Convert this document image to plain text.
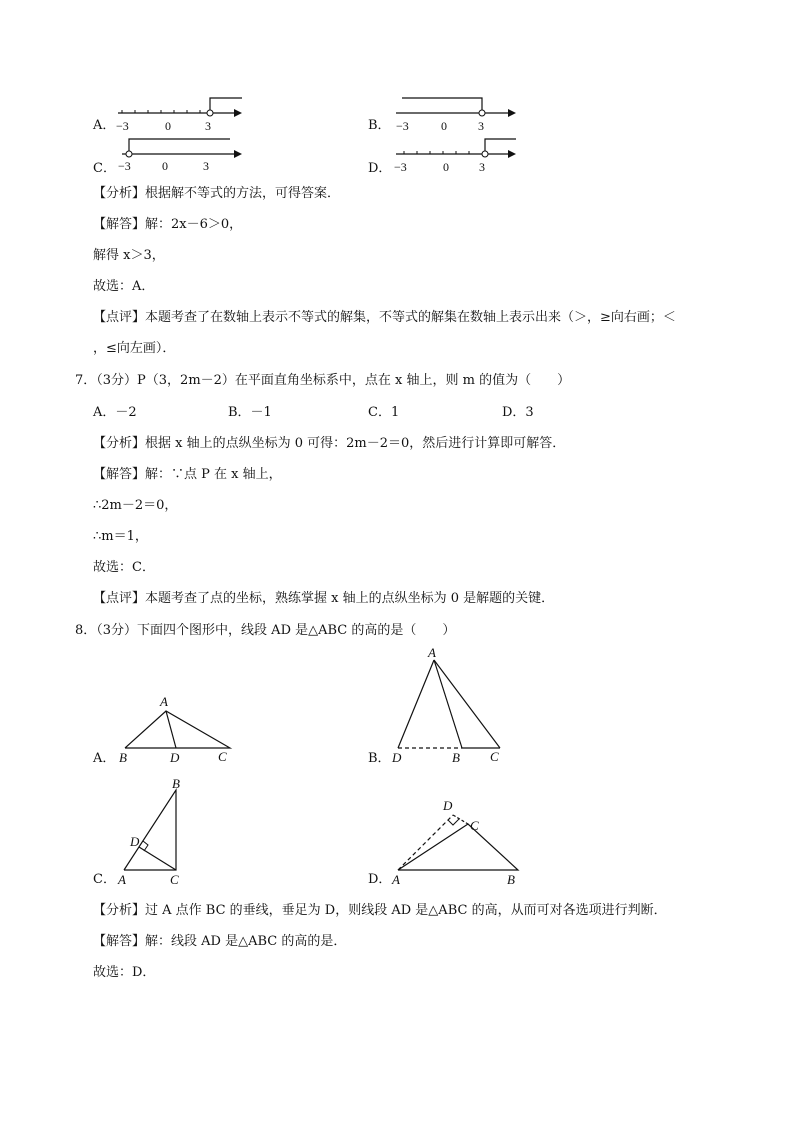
A． −3	0	3	B． −3	0	3
C． −3	0	3	D． −3	0	3
【分析】根据解不等式的方法，可得答案．
【解答】解：2x－6＞0，
解得 x＞3，
故选：A．
【点评】本题考查了在数轴上表示不等式的解集，不等式的解集在数轴上表示出来（＞，≥向右画；＜
，≤向左画）．
7．（3分）P（3，2m－2）在平面直角坐标系中，点在 x 轴上，则 m 的值为（　　）
A．－2	B．－1	C．1	D．3
【分析】根据 x 轴上的点纵坐标为 0 可得：2m－2＝0，然后进行计算即可解答．
【解答】解：∵点 P 在 x 轴上，
∴2m－2＝0，
∴m＝1，
故选：C．
【点评】本题考查了点的坐标，熟练掌握 x 轴上的点纵坐标为 0 是解题的关键．
8．（3分）下面四个图形中，线段 AD 是△ABC 的高的是（　　）
A．
A
B	D	C	B．
A
D	B C
C．
B
D
A	C	D．
D
C
A	B
【分析】过 A 点作 BC 的垂线，垂足为 D，则线段 AD 是△ABC 的高，从而可对各选项进行判断．
【解答】解：线段 AD 是△ABC 的高的是．
故选：D．
